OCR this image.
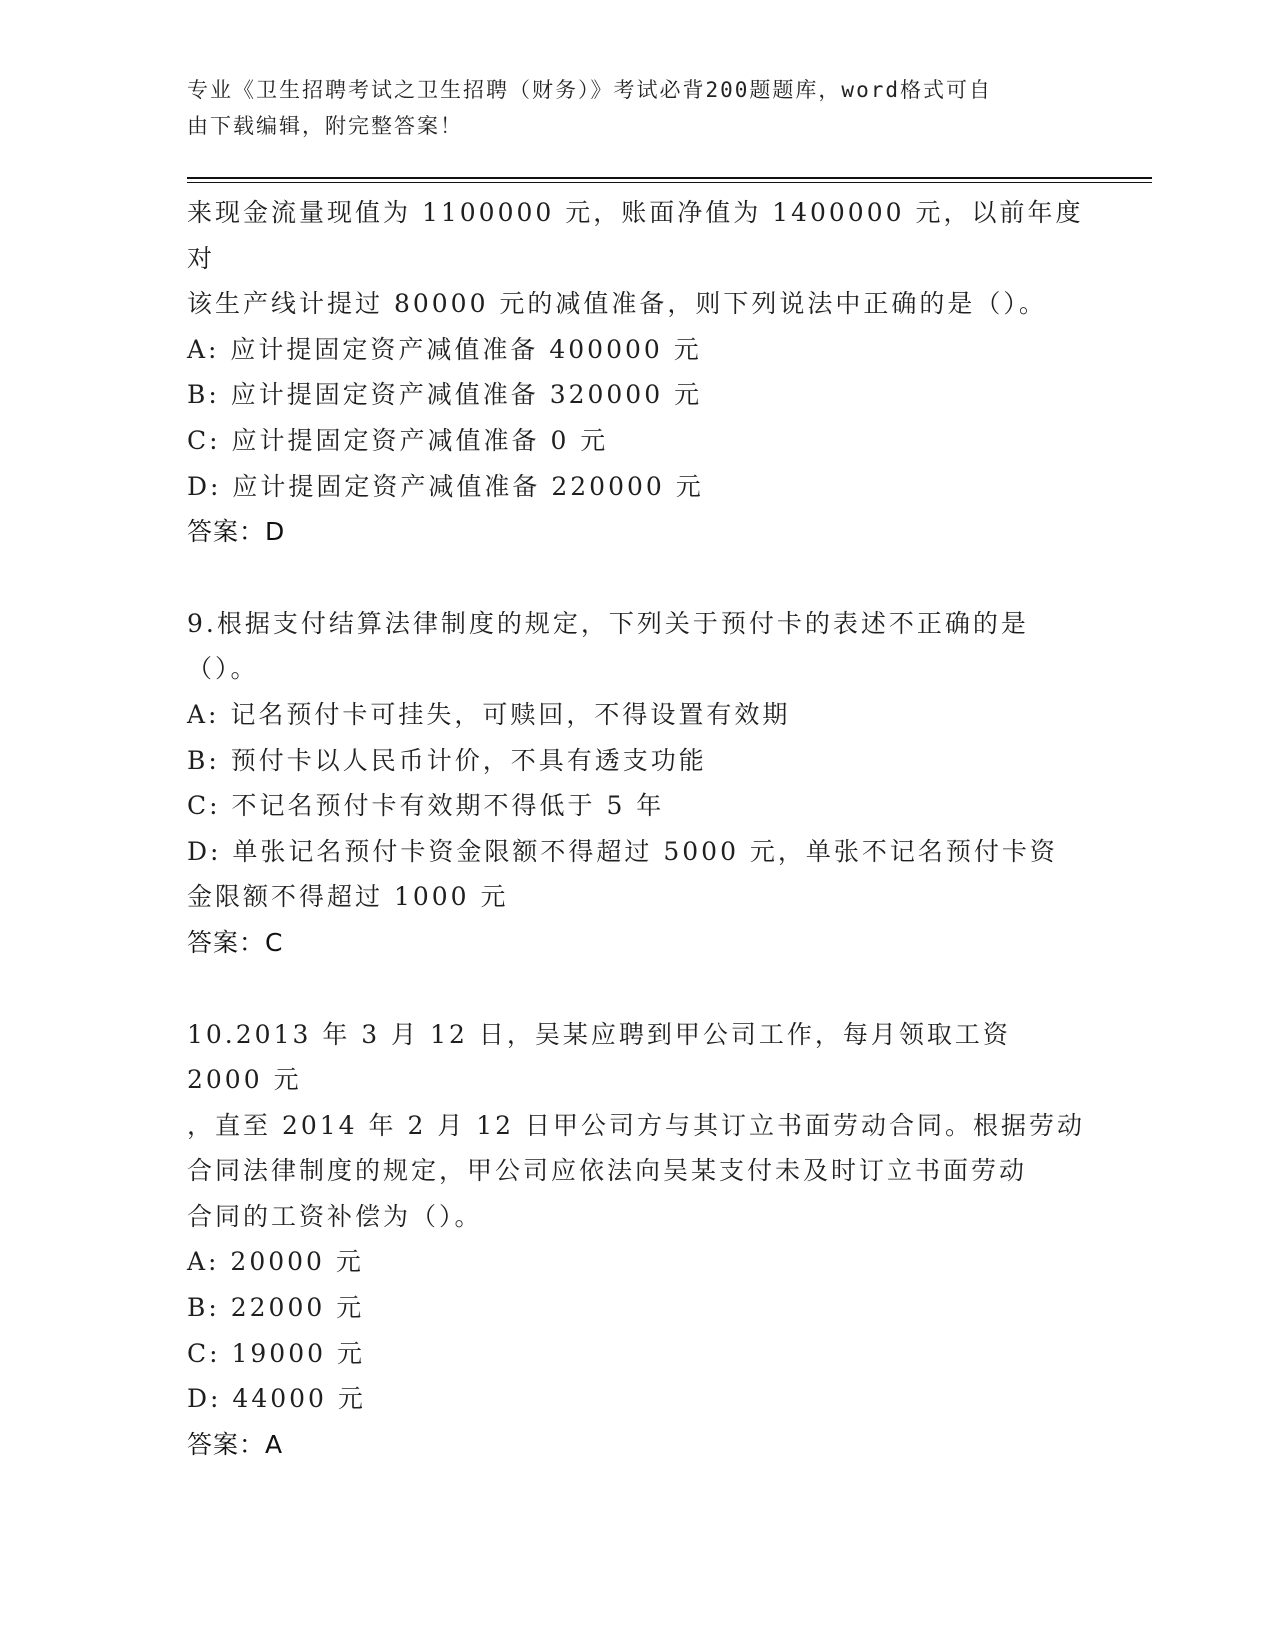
专业《卫生招聘考试之卫生招聘（财务）》考试必背200题题库，word格式可自
由下载编辑，附完整答案！

来现金流量现值为 1100000 元，账面净值为 1400000 元，以前年度对

该生产线计提过 80000 元的减值准备，则下列说法中正确的是（）。

A: 应计提固定资产减值准备 400000 元

B: 应计提固定资产减值准备 320000 元

C: 应计提固定资产减值准备 0 元

D: 应计提固定资产减值准备 220000 元

答案：D

9.根据支付结算法律制度的规定，下列关于预付卡的表述不正确的是

（）。

A: 记名预付卡可挂失，可赎回，不得设置有效期

B: 预付卡以人民币计价，不具有透支功能

C: 不记名预付卡有效期不得低于 5 年

D: 单张记名预付卡资金限额不得超过 5000 元，单张不记名预付卡资

金限额不得超过 1000 元

答案：C

10.2013 年 3 月 12 日，吴某应聘到甲公司工作，每月领取工资 2000 元

，直至 2014 年 2 月 12 日甲公司方与其订立书面劳动合同。根据劳动

合同法律制度的规定，甲公司应依法向吴某支付未及时订立书面劳动

合同的工资补偿为（）。

A: 20000 元

B: 22000 元

C: 19000 元

D: 44000 元

答案：A
